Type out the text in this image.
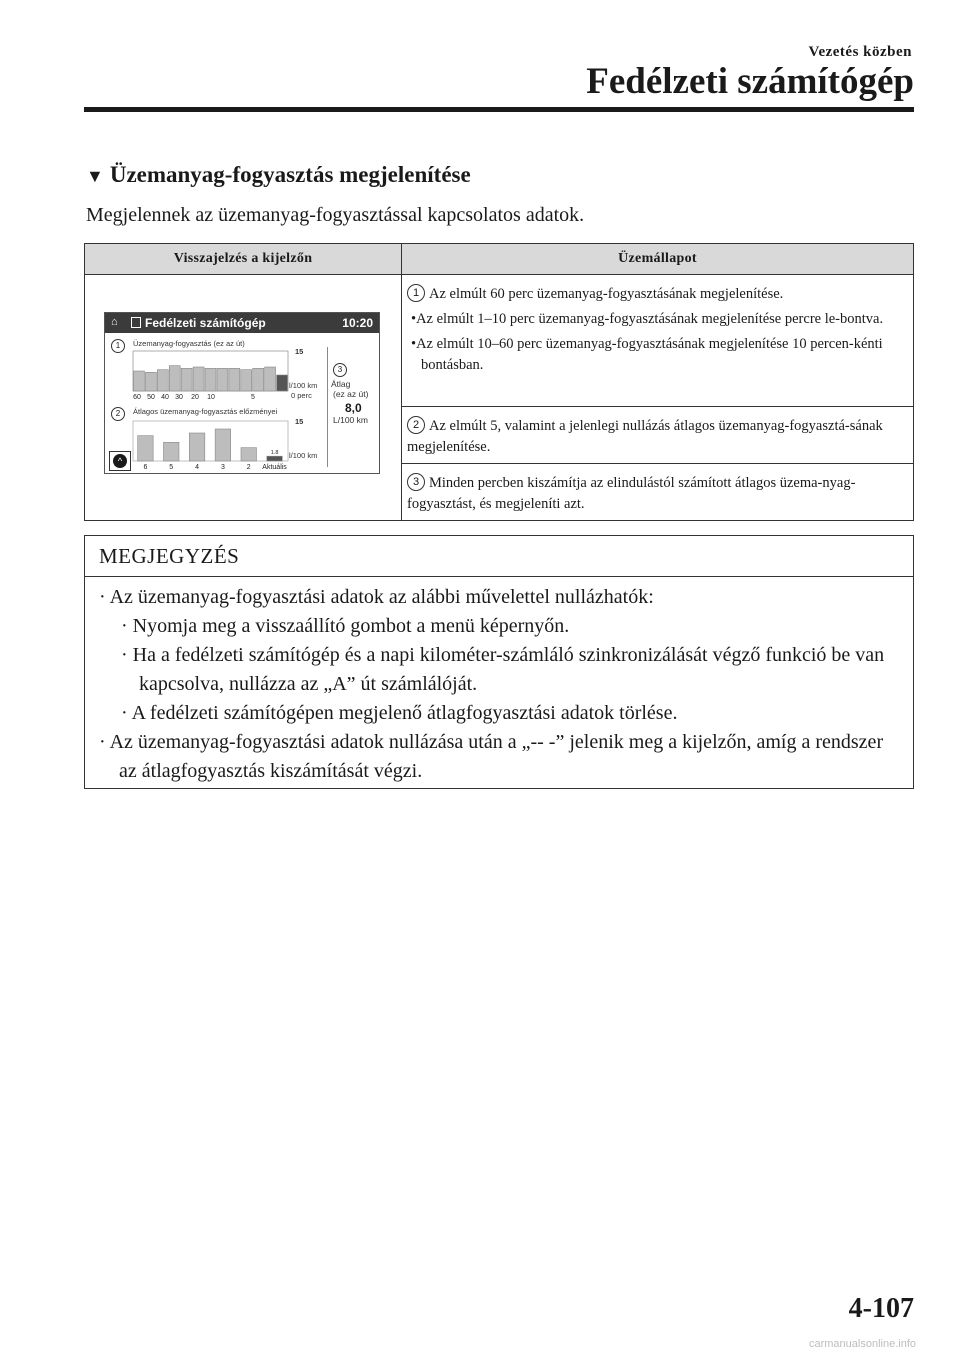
Vezetés közben
Fedélzeti számítógép
▼ Üzemanyag-fogyasztás megjelenítése
Megjelennek az üzemanyag-fogyasztással kapcsolatos adatok.
Visszajelzés a kijelzőn	Üzemállapot

	1 Az elmúlt 60 perc üzemanyag-fogyasztásának megjelenítése.
•Az elmúlt 1–10 perc üzemanyag-fogyasztásának megjelenítése percre le-bontva.
•Az elmúlt 10–60 perc üzemanyag-fogyasztásának megjelenítése 10 percen-kénti bontásban.

	2 Az elmúlt 5, valamint a jelenlegi nullázás átlagos üzemanyag-fogyasztá-sának megjelenítése.

	3 Minden percben kiszámítja az elindulástól számított átlagos üzema-nyag-fogyasztást, és megjeleníti azt.
⌂ Fedélzeti számítógép	10:20
1	Üzemanyag-fogyasztás (ez az út)
15
l/100 km
0 perc
2	Átlagos üzemanyag-fogyasztás előzményei
15
l/100 km
3
Átlag
(ez az út)
8,0
L/100 km
^
60 50 40 30 20 10	5
1.8
6	5	4	3	2 Aktuális
MEGJEGYZÉS
· Az üzemanyag-fogyasztási adatok az alábbi művelettel nullázhatók:
· Nyomja meg a visszaállító gombot a menü képernyőn.
· Ha a fedélzeti számítógép és a napi kilométer-számláló szinkronizálását végző funkció be van kapcsolva, nullázza az „A” út számlálóját.
· A fedélzeti számítógépen megjelenő átlagfogyasztási adatok törlése.
· Az üzemanyag-fogyasztási adatok nullázása után a „-- -” jelenik meg a kijelzőn, amíg a rendszer az átlagfogyasztás kiszámítását végzi.
4-107
carmanualsonline.info
